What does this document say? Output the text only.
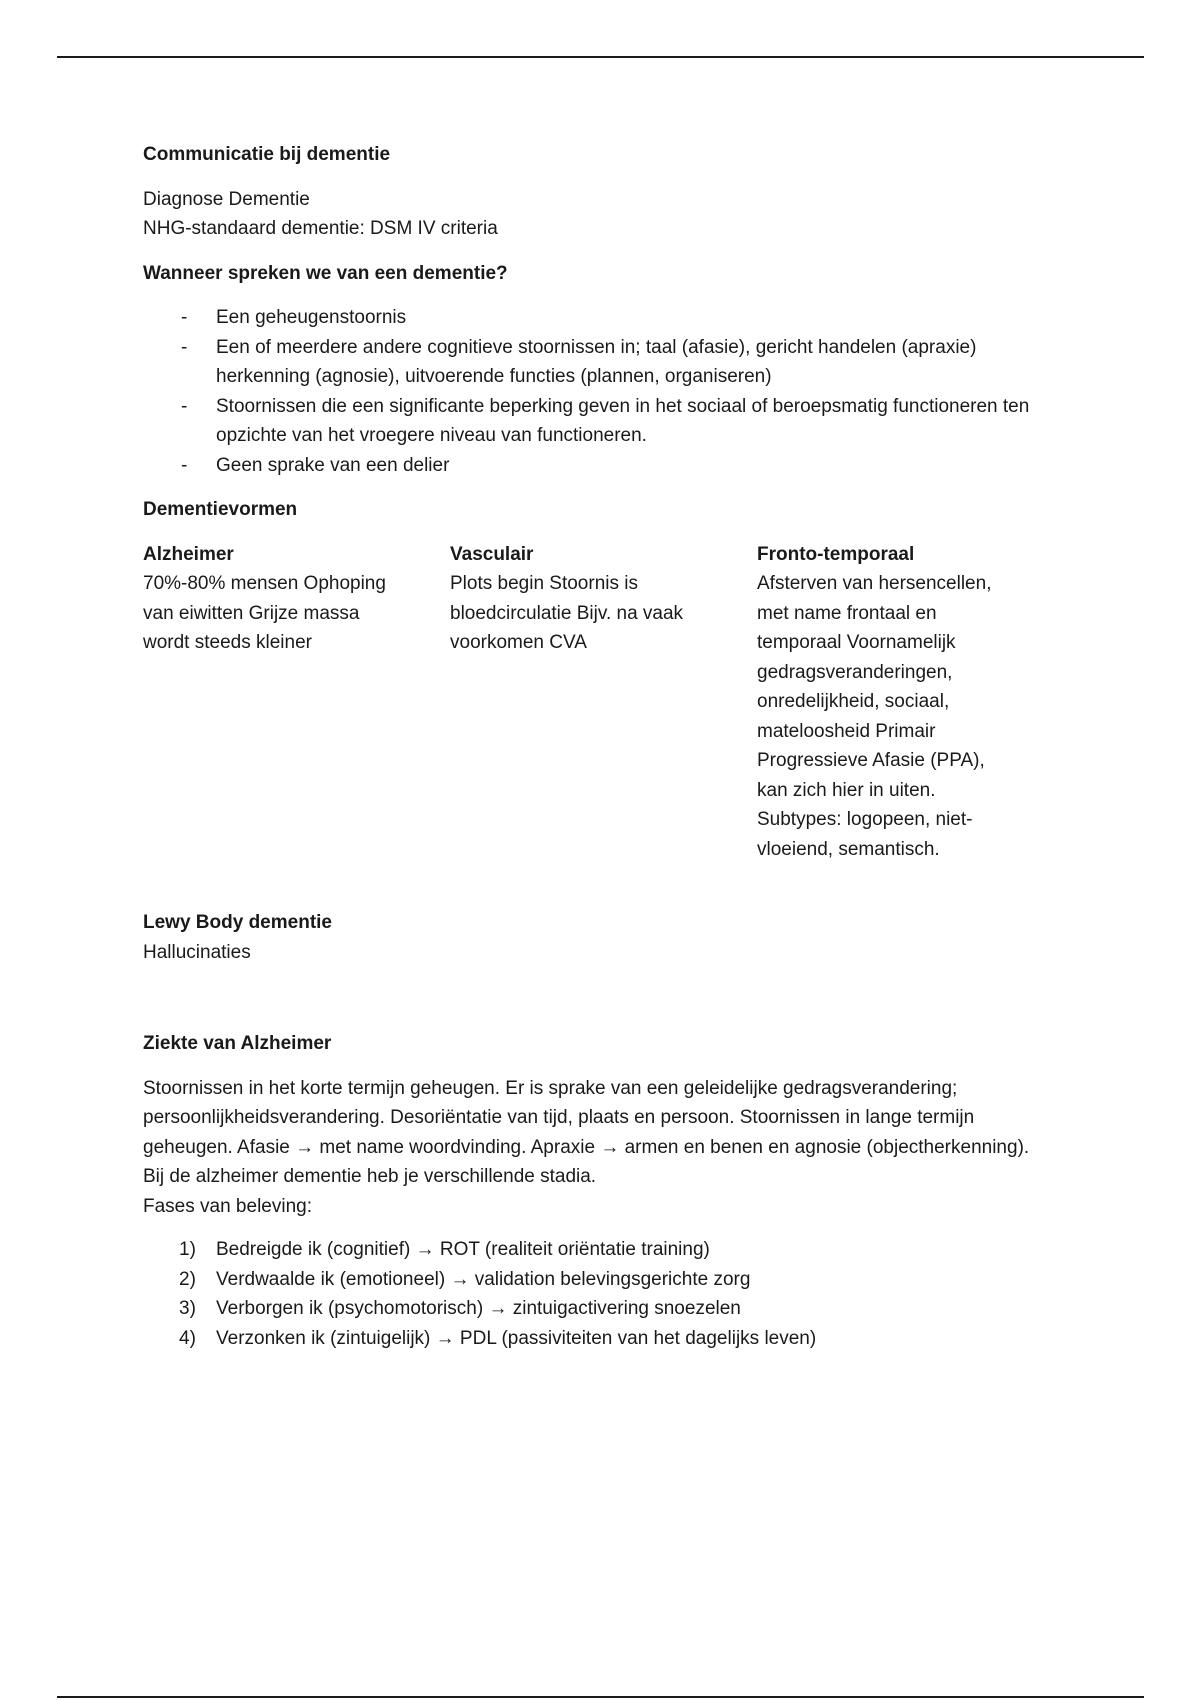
Communicatie bij dementie

Diagnose Dementie

NHG-standaard dementie: DSM IV criteria

Wanneer spreken we van een dementie?

- Een geheugenstoornis
- Een of meerdere andere cognitieve stoornissen in; taal (afasie), gericht handelen (apraxie) herkenning (agnosie), uitvoerende functies (plannen, organiseren)
- Stoornissen die een significante beperking geven in het sociaal of beroepsmatig functioneren ten opzichte van het vroegere niveau van functioneren.
- Geen sprake van een delier

Dementievormen

Alzheimer

70%-80% mensen Ophoping van eiwitten Grijze massa wordt steeds kleiner

Vasculair

Plots begin Stoornis is bloedcirculatie Bijv. na vaak voorkomen CVA

Fronto-temporaal

Afsterven van hersencellen, met name frontaal en temporaal Voornamelijk gedragsveranderingen, onredelijkheid, sociaal, mateloosheid Primair Progressieve Afasie (PPA), kan zich hier in uiten. Subtypes: logopeen, niet-vloeiend, semantisch.

Lewy Body dementie

Hallucinaties

Ziekte van Alzheimer

Stoornissen in het korte termijn geheugen. Er is sprake van een geleidelijke gedragsverandering; persoonlijkheidsverandering. Desoriëntatie van tijd, plaats en persoon. Stoornissen in lange termijn geheugen. Afasie → met name woordvinding. Apraxie → armen en benen en agnosie (objectherkenning).

Bij de alzheimer dementie heb je verschillende stadia.

Fases van beleving:

1) Bedreigde ik (cognitief) → ROT (realiteit oriëntatie training)
2) Verdwaalde ik (emotioneel) → validation belevingsgerichte zorg
3) Verborgen ik (psychomotorisch) → zintuigactivering snoezelen
4) Verzonken ik (zintuigelijk) → PDL (passiviteiten van het dagelijks leven)
